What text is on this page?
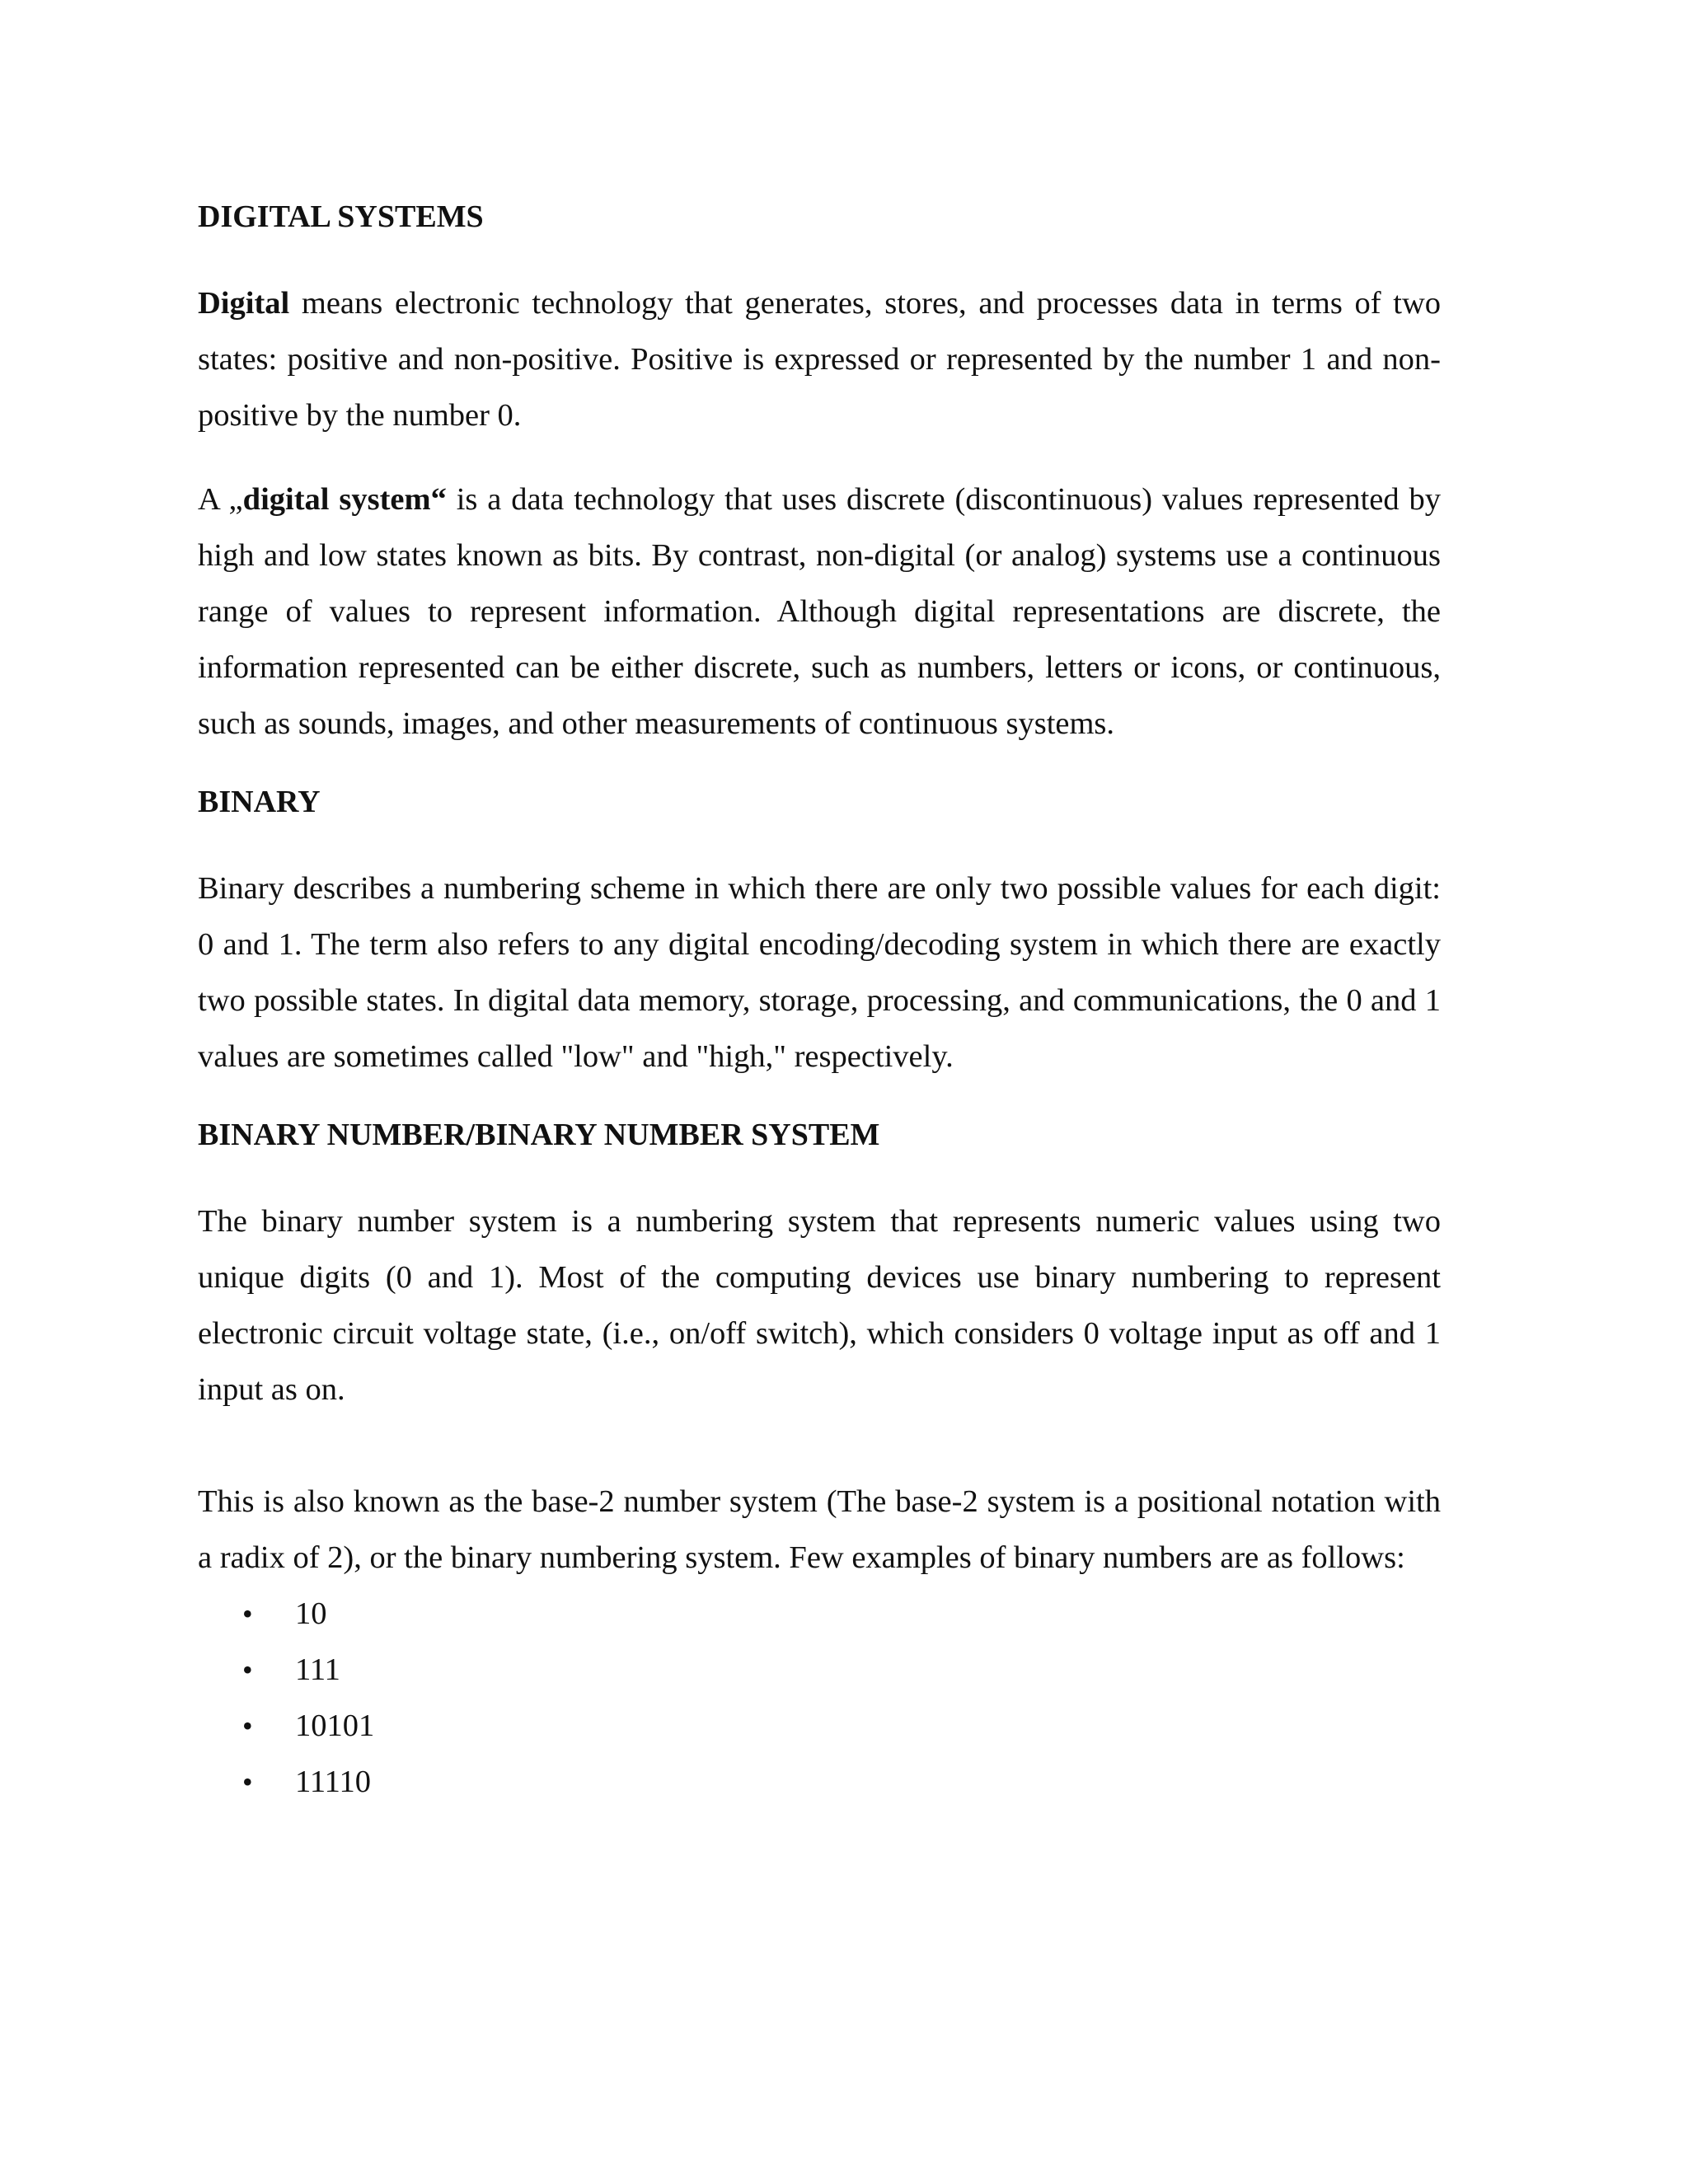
DIGITAL SYSTEMS

Digital means electronic technology that generates, stores, and processes data in terms of two states: positive and non-positive. Positive is expressed or represented by the number 1 and non-positive by the number 0.

A „digital system“ is a data technology that uses discrete (discontinuous) values represented by high and low states known as bits. By contrast, non-digital (or analog) systems use a continuous range of values to represent information. Although digital representations are discrete, the information represented can be either discrete, such as numbers, letters or icons, or continuous, such as sounds, images, and other measurements of continuous systems.

BINARY

Binary describes a numbering scheme in which there are only two possible values for each digit: 0 and 1. The term also refers to any digital encoding/decoding system in which there are exactly two possible states. In digital data memory, storage, processing, and communications, the 0 and 1 values are sometimes called "low" and "high," respectively.

BINARY NUMBER/BINARY NUMBER SYSTEM

The binary number system is a numbering system that represents numeric values using two unique digits (0 and 1). Most of the computing devices use binary numbering to represent electronic circuit voltage state, (i.e., on/off switch), which considers 0 voltage input as off and 1 input as on.

This is also known as the base-2 number system (The base-2 system is a positional notation with a radix of 2), or the binary numbering system. Few examples of binary numbers are as follows:

• 10
• 111
• 10101
• 11110
